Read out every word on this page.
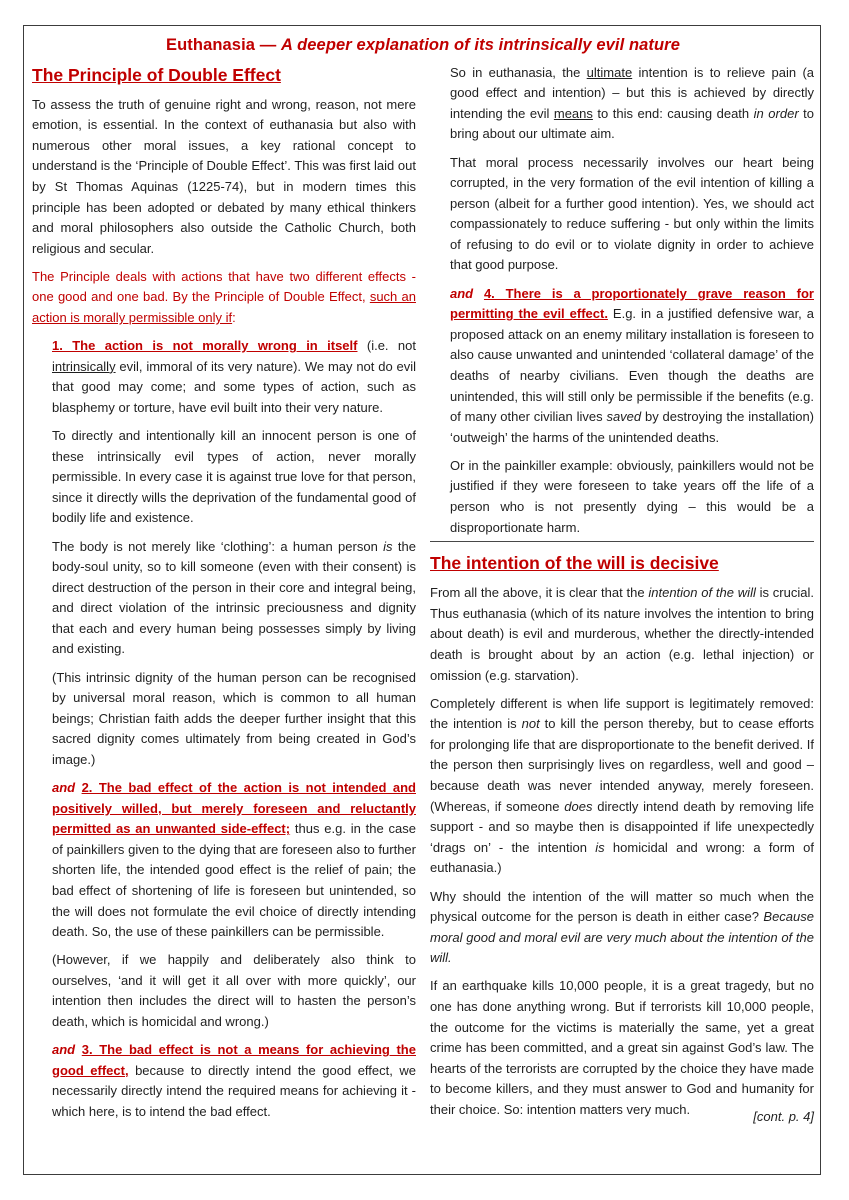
Euthanasia — A deeper explanation of its intrinsically evil nature
The Principle of Double Effect

To assess the truth of genuine right and wrong, reason, not mere emotion, is essential. In the context of euthanasia but also with numerous other moral issues, a key rational concept to understand is the ‘Principle of Double Effect’. This was first laid out by St Thomas Aquinas (1225-74), but in modern times this principle has been adopted or debated by many ethical thinkers and moral philosophers also outside the Catholic Church, both religious and secular.

The Principle deals with actions that have two different effects - one good and one bad. By the Principle of Double Effect, such an action is morally permissible only if:

1. The action is not morally wrong in itself (i.e. not intrinsically evil, immoral of its very nature). We may not do evil that good may come; and some types of action, such as blasphemy or torture, have evil built into their very nature.

To directly and intentionally kill an innocent person is one of these intrinsically evil types of action, never morally permissible. In every case it is against true love for that person, since it directly wills the deprivation of the fundamental good of bodily life and existence.

The body is not merely like ‘clothing’: a human person is the body-soul unity, so to kill someone (even with their consent) is direct destruction of the person in their core and integral being, and direct violation of the intrinsic preciousness and dignity that each and every human being possesses simply by living and existing.

(This intrinsic dignity of the human person can be recognised by universal moral reason, which is common to all human beings; Christian faith adds the deeper further insight that this sacred dignity comes ultimately from being created in God’s image.)

and 2. The bad effect of the action is not intended and positively willed, but merely foreseen and reluctantly permitted as an unwanted side-effect; thus e.g. in the case of painkillers given to the dying that are foreseen also to further shorten life, the intended good effect is the relief of pain; the bad effect of shortening of life is foreseen but unintended, so the will does not formulate the evil choice of directly intending death. So, the use of these painkillers can be permissible.

(However, if we happily and deliberately also think to ourselves, ‘and it will get it all over with more quickly’, our intention then includes the direct will to hasten the person’s death, which is homicidal and wrong.)

and 3. The bad effect is not a means for achieving the good effect, because to directly intend the good effect, we necessarily directly intend the required means for achieving it - which here, is to intend the bad effect.

So in euthanasia, the ultimate intention is to relieve pain (a good effect and intention) – but this is achieved by directly intending the evil means to this end: causing death in order to bring about our ultimate aim.

That moral process necessarily involves our heart being corrupted, in the very formation of the evil intention of killing a person (albeit for a further good intention). Yes, we should act compassionately to reduce suffering - but only within the limits of refusing to do evil or to violate dignity in order to achieve that good purpose.

and 4. There is a proportionately grave reason for permitting the evil effect. E.g. in a justified defensive war, a proposed attack on an enemy military installation is foreseen to also cause unwanted and unintended ‘collateral damage’ of the deaths of nearby civilians. Even though the deaths are unintended, this will still only be permissible if the benefits (e.g. of many other civilian lives saved by destroying the installation) ‘outweigh’ the harms of the unintended deaths.

Or in the painkiller example: obviously, painkillers would not be justified if they were foreseen to take years off the life of a person who is not presently dying – this would be a disproportionate harm.

The intention of the will is decisive

From all the above, it is clear that the intention of the will is crucial. Thus euthanasia (which of its nature involves the intention to bring about death) is evil and murderous, whether the directly-intended death is brought about by an action (e.g. lethal injection) or omission (e.g. starvation).

Completely different is when life support is legitimately removed: the intention is not to kill the person thereby, but to cease efforts for prolonging life that are disproportionate to the benefit derived. If the person then surprisingly lives on regardless, well and good – because death was never intended anyway, merely foreseen. (Whereas, if someone does directly intend death by removing life support - and so maybe then is disappointed if life unexpectedly ‘drags on’ - the intention is homicidal and wrong: a form of euthanasia.)

Why should the intention of the will matter so much when the physical outcome for the person is death in either case? Because moral good and moral evil are very much about the intention of the will.

If an earthquake kills 10,000 people, it is a great tragedy, but no one has done anything wrong. But if terrorists kill 10,000 people, the outcome for the victims is materially the same, yet a great crime has been committed, and a great sin against God’s law. The hearts of the terrorists are corrupted by the choice they have made to become killers, and they must answer to God and humanity for their choice. So: intention matters very much.	[cont. p. 4]
